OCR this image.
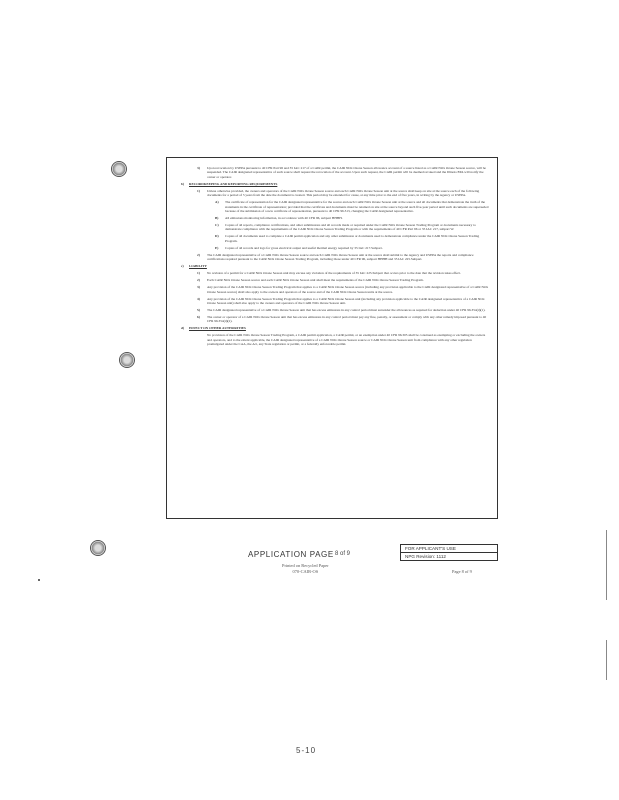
3) Upon revocation by USEPA pursuant to 40 CFR Part 96 and 35 IAC 217 of a CAIR permit, the CAIR NOx Ozone Season allowance account of a source listed as a CAIR NOx Ozone Season source, will be suspended. The CAIR designated representative of such source shall request the revocation of the account. Upon such request, the CAIR permit will be deemed revoked and the Illinois EPA will notify the owner or operator.
b) RECORDKEEPING AND REPORTING REQUIREMENTS
1) Unless otherwise provided, the owners and operators of the CAIR NOx Ozone Season source and each CAIR NOx Ozone Season unit at the source shall keep on site at the source each of the following documents for a period of 5 years from the date the document is created. This period may be extended for cause, at any time prior to the end of five years, in writing by the Agency or USEPA.
A) The certificate of representation for the CAIR designated representative for the source and each CAIR NOx Ozone Season unit at the source and all documents that demonstrate the truth of the statements in the certificate of representation; provided that the certificate and documents must be retained on site at the source beyond such five-year period until such documents are superseded because of the submission of a new certificate of representation, pursuant to 40 CFR 96.313, changing the CAIR designated representative.
B) All emissions monitoring information, in accordance with 40 CFR 96, subpart HHHH.
C) Copies of all reports, compliance certifications, and other submissions and all records made or required under the CAIR NOx Ozone Season Trading Program or documents necessary to demonstrate compliance with the requirements of the CAIR NOx Ozone Season Trading Program or with the requirements of 40 CFR Part 96 or 35 IAC 217, subpart W.
D) Copies of all documents used to complete a CAIR permit application and any other submission or documents used to demonstrate compliance under the CAIR NOx Ozone Season Trading Program.
E) Copies of all records and logs for gross electrical output and useful thermal energy required by 35 IAC 217.Subpart.
2) The CAIR designated representative of a CAIR NOx Ozone Season source and each CAIR NOx Ozone Season unit at the source shall submit to the Agency and USEPA the reports and compliance certifications required pursuant to the CAIR NOx Ozone Season Trading Program, including those under 40 CFR 96, subpart HHHH and 35 IAC 225.Subpart.
c) LIABILITY
1) No revision of a permit for a CAIR NOx Ozone Season unit may excuse any violation of the requirements of 35 IAC 225.Subpart that occurs prior to the date that the revision takes effect.
2) Each CAIR NOx Ozone Season source and each CAIR NOx Ozone Season unit shall meet the requirements of the CAIR NOx Ozone Season Trading Program.
3) Any provision of the CAIR NOx Ozone Season Trading Program that applies to a CAIR NOx Ozone Season source (including any provision applicable to the CAIR designated representative of a CAIR NOx Ozone Season source) shall also apply to the owners and operators of the source and of the CAIR NOx Ozone Season units at the source.
4) Any provision of the CAIR NOx Ozone Season Trading Program that applies to a CAIR NOx Ozone Season unit (including any provision applicable to the CAIR designated representative of a CAIR NOx Ozone Season unit) shall also apply to the owners and operators of the CAIR NOx Ozone Season unit.
5) The CAIR designated representative of a CAIR NOx Ozone Season unit that has excess emissions in any control period must surrender the allowances as required for deduction under 40 CFR 96.354(d)(1).
6) The owner or operator of a CAIR NOx Ozone Season unit that has excess emissions in any control period must pay any fine, penalty, or assessment or comply with any other remedy imposed pursuant to 40 CFR 96.354(d)(2).
d) EFFECT ON OTHER AUTHORITIES
No provision of the CAIR NOx Ozone Season Trading Program, a CAIR permit application, a CAIR permit, or an exemption under 40 CFR 96.305 shall be construed as exempting or excluding the owners and operators, and to the extent applicable, the CAIR designated representative of a CAIR NOx Ozone Season source or CAIR NOx Ozone Season unit from compliance with any other regulation promulgated under the CAA, the Act, any State regulation or permit, or a federally enforceable permit.
FOR APPLICANT'S USE
NPG Revision: 1112
APPLICATION PAGE 8 of 9
Printed on Recycled Paper
070-CAIR-OS	Page 8 of 9
5-10
